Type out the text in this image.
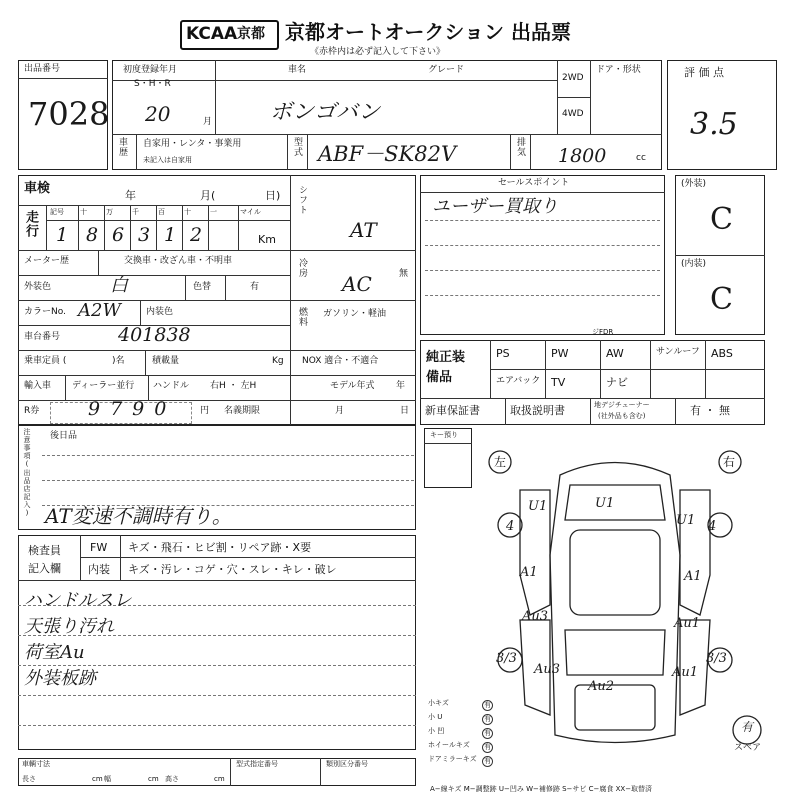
KCAA 京都 京都オートオークション 出品票
《赤枠内は必ず記入して下さい》
出品番号
7028
初度登録年月
S・H・R
20	月
車名
ボンゴバン
グレード
2WD
4WD
ドア・形状
車歴 自家用・レンタ・事業用
未記入は自家用
型式 ABF－SK82V	排気 1800	cc
評 価 点
3.5
車検	年	月(	日)
走行 記号 十	万	千	百	十	一	マイル
1 8 6 3 1 2	Km
メーター歴	交換車・改ざん車・不明車
外装色	白	色替	有
カラーNo. A2W	内装色
車台番号	401838
乗車定員 (	)名	積載量	Kg NOX 適合・不適合
輸入車 ディーラー並行 ハンドル 右H ・ 左H	モデル年式 年
R券	9790	円 名義期限	月	日
シフト
AT
冷房
AC	無
燃料 ガソリン・軽油
注意事項(出品店記入) 後日品
AT変速不調時有り。
セールスポイント
ユーザー買取り
純正装備品
ジFDR
PS	PW	AW	サンルーフ ABS
エアバック TV	ナビ
新車保証書	取扱説明書	地デジチューナー
(社外品も含む)	有 ・ 無
(外装)
C
(内装)
C
検査員記入欄
FW キズ・飛石・ヒビ割・リペア跡・X要
内装 キズ・汚レ・コゲ・穴・スレ・キレ・破レ
ハンドルスレ
天張り汚れ
荷室Au
外装板跡
キー預り
左	右
U1	U1
U1
A1	A1
Au3	Au1
Au3
Au2
Au1
4	4
3/3	3/3
小キズ	有
小 U	有
小 凹	有
ホイールキズ 有
ドアミラーキズ 有
有
スペア
A−線キズ M−調整跡 U−凹み W−補修跡 S−サビ C−腐食 XX−取替済
車輌寸法
長さ	cm 幅	cm 高さ	cm
型式指定番号	類別区分番号
